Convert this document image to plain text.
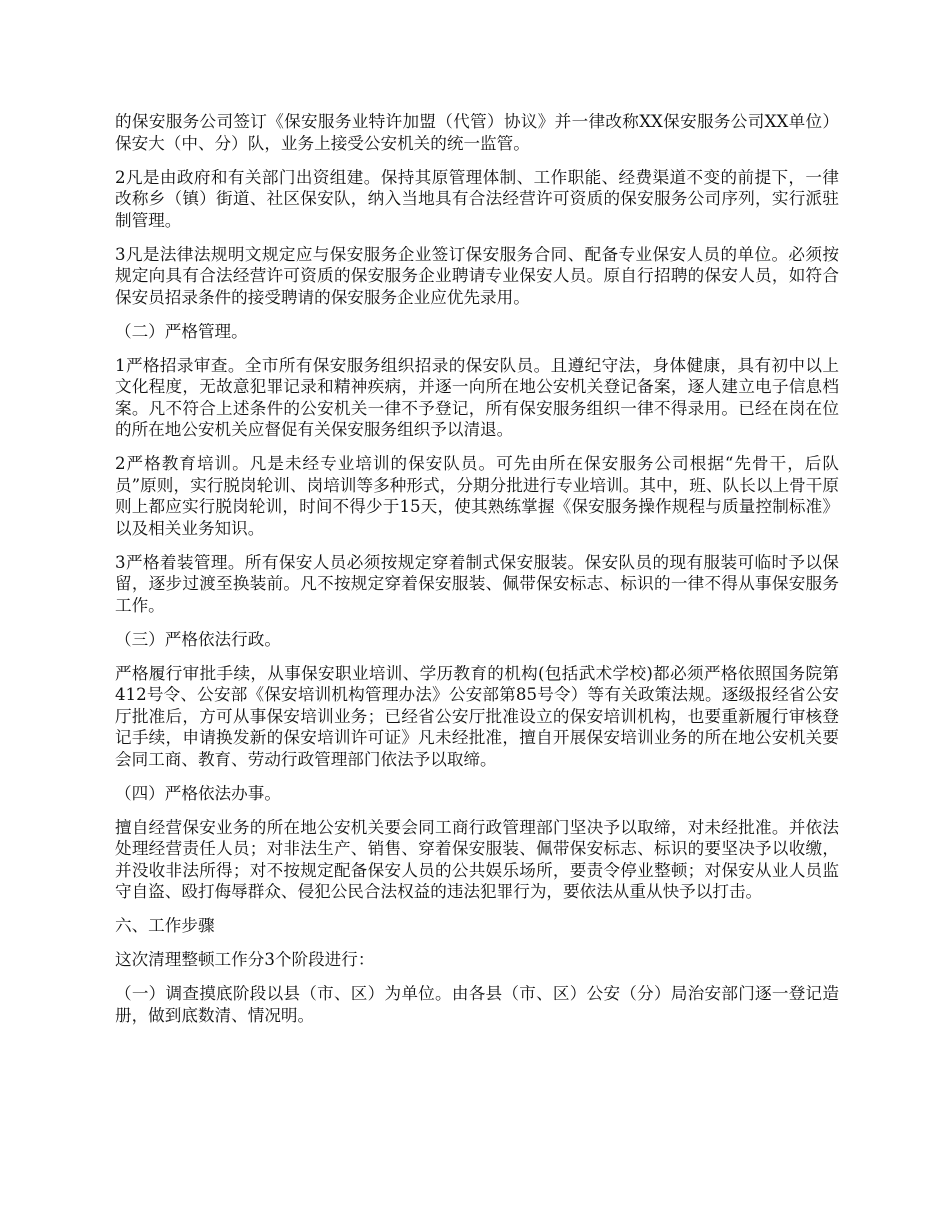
的保安服务公司签订《保安服务业特许加盟（代管）协议》并一律改称XX保安服务公司XX单位）保安大（中、分）队，业务上接受公安机关的统一监管。

2凡是由政府和有关部门出资组建。保持其原管理体制、工作职能、经费渠道不变的前提下，一律改称乡（镇）街道、社区保安队，纳入当地具有合法经营许可资质的保安服务公司序列，实行派驻制管理。

3凡是法律法规明文规定应与保安服务企业签订保安服务合同、配备专业保安人员的单位。必须按规定向具有合法经营许可资质的保安服务企业聘请专业保安人员。原自行招聘的保安人员，如符合保安员招录条件的接受聘请的保安服务企业应优先录用。

（二）严格管理。

1严格招录审查。全市所有保安服务组织招录的保安队员。且遵纪守法，身体健康，具有初中以上文化程度，无故意犯罪记录和精神疾病，并逐一向所在地公安机关登记备案，逐人建立电子信息档案。凡不符合上述条件的公安机关一律不予登记，所有保安服务组织一律不得录用。已经在岗在位的所在地公安机关应督促有关保安服务组织予以清退。

2严格教育培训。凡是未经专业培训的保安队员。可先由所在保安服务公司根据“先骨干，后队员”原则，实行脱岗轮训、岗培训等多种形式，分期分批进行专业培训。其中，班、队长以上骨干原则上都应实行脱岗轮训，时间不得少于15天，使其熟练掌握《保安服务操作规程与质量控制标准》以及相关业务知识。

3严格着装管理。所有保安人员必须按规定穿着制式保安服装。保安队员的现有服装可临时予以保留，逐步过渡至换装前。凡不按规定穿着保安服装、佩带保安标志、标识的一律不得从事保安服务工作。

（三）严格依法行政。

严格履行审批手续，从事保安职业培训、学历教育的机构(包括武术学校)都必须严格依照国务院第412号令、公安部《保安培训机构管理办法》公安部第85号令）等有关政策法规。逐级报经省公安厅批准后，方可从事保安培训业务；已经省公安厅批准设立的保安培训机构，也要重新履行审核登记手续，申请换发新的保安培训许可证》凡未经批准，擅自开展保安培训业务的所在地公安机关要会同工商、教育、劳动行政管理部门依法予以取缔。

（四）严格依法办事。

擅自经营保安业务的所在地公安机关要会同工商行政管理部门坚决予以取缔，对未经批准。并依法处理经营责任人员；对非法生产、销售、穿着保安服装、佩带保安标志、标识的要坚决予以收缴，并没收非法所得；对不按规定配备保安人员的公共娱乐场所，要责令停业整顿；对保安从业人员监守自盗、殴打侮辱群众、侵犯公民合法权益的违法犯罪行为，要依法从重从快予以打击。

六、工作步骤

这次清理整顿工作分3个阶段进行：

（一）调查摸底阶段以县（市、区）为单位。由各县（市、区）公安（分）局治安部门逐一登记造册，做到底数清、情况明。
